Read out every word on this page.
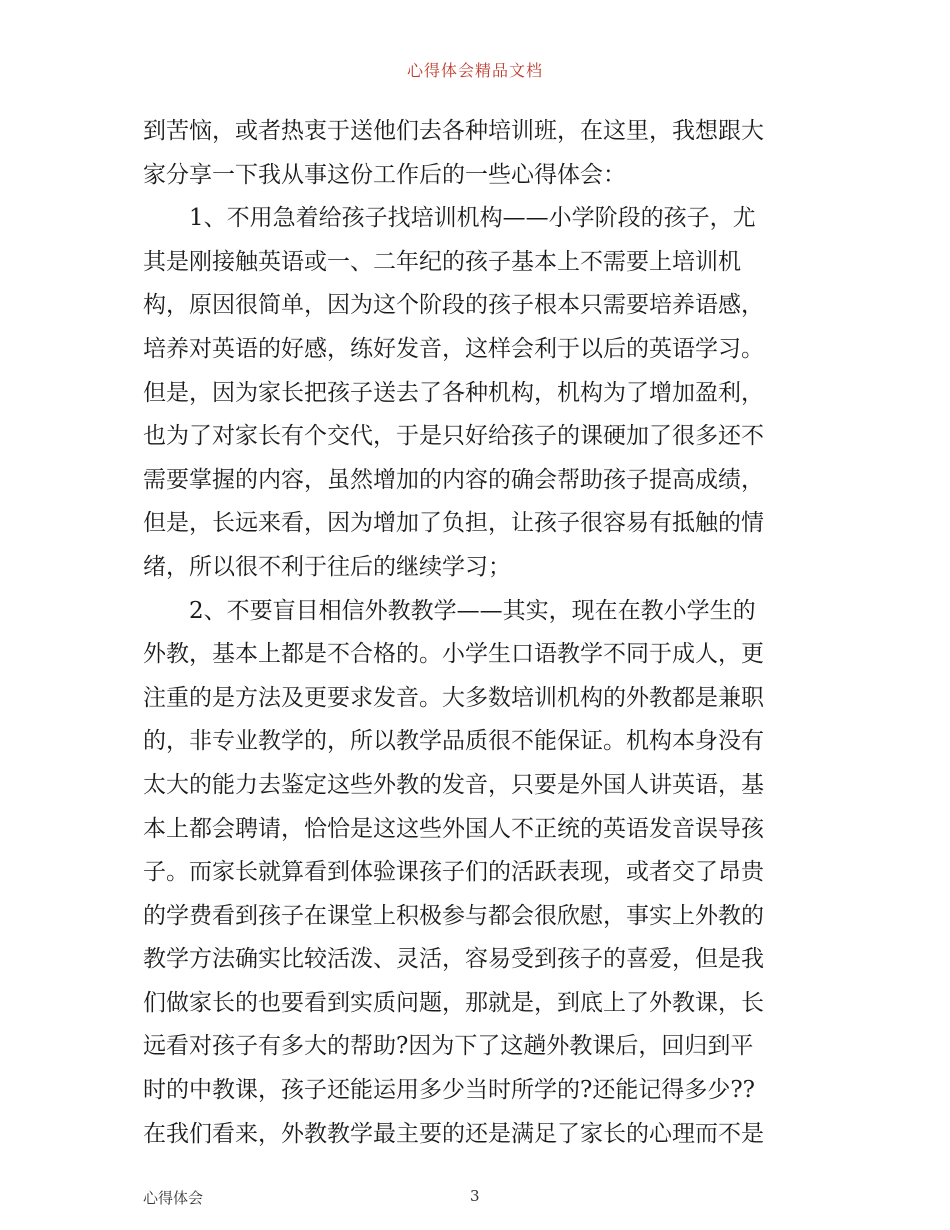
心得体会精品文档
到苦恼，或者热衷于送他们去各种培训班，在这里，我想跟大
家分享一下我从事这份工作后的一些心得体会：
　　1、不用急着给孩子找培训机构——小学阶段的孩子，尤
其是刚接触英语或一、二年纪的孩子基本上不需要上培训机
构，原因很简单，因为这个阶段的孩子根本只需要培养语感，
培养对英语的好感，练好发音，这样会利于以后的英语学习。
但是，因为家长把孩子送去了各种机构，机构为了增加盈利，
也为了对家长有个交代，于是只好给孩子的课硬加了很多还不
需要掌握的内容，虽然增加的内容的确会帮助孩子提高成绩，
但是，长远来看，因为增加了负担，让孩子很容易有抵触的情
绪，所以很不利于往后的继续学习；
　　2、不要盲目相信外教教学——其实，现在在教小学生的
外教，基本上都是不合格的。小学生口语教学不同于成人，更
注重的是方法及更要求发音。大多数培训机构的外教都是兼职
的，非专业教学的，所以教学品质很不能保证。机构本身没有
太大的能力去鉴定这些外教的发音，只要是外国人讲英语，基
本上都会聘请，恰恰是这这些外国人不正统的英语发音误导孩
子。而家长就算看到体验课孩子们的活跃表现，或者交了昂贵
的学费看到孩子在课堂上积极参与都会很欣慰，事实上外教的
教学方法确实比较活泼、灵活，容易受到孩子的喜爱，但是我
们做家长的也要看到实质问题，那就是，到底上了外教课，长
远看对孩子有多大的帮助?因为下了这趟外教课后，回归到平
时的中教课，孩子还能运用多少当时所学的?还能记得多少??
在我们看来，外教教学最主要的还是满足了家长的心理而不是
心得体会	3
